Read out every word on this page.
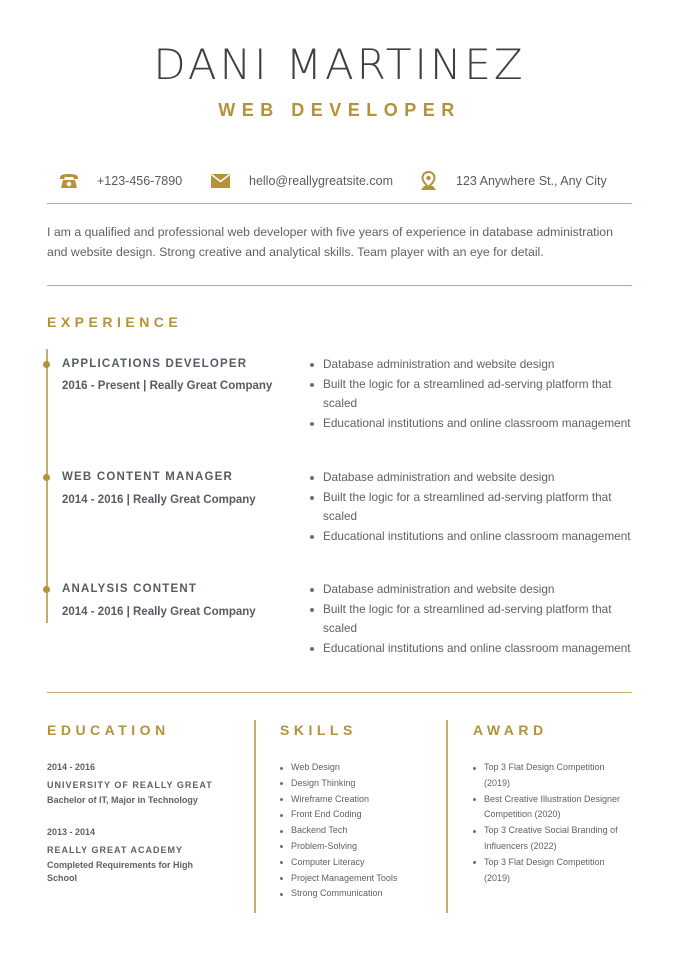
DANI MARTINEZ
WEB DEVELOPER
+123-456-7890	hello@reallygreatsite.com	123 Anywhere St., Any City
I am a qualified and professional web developer with five years of experience in database administration and website design. Strong creative and analytical skills. Team player with an eye for detail.
EXPERIENCE
APPLICATIONS DEVELOPER
2016 - Present | Really Great Company
Database administration and website design
Built the logic for a streamlined ad-serving platform that scaled
Educational institutions and online classroom management
WEB CONTENT MANAGER
2014 - 2016 | Really Great Company
Database administration and website design
Built the logic for a streamlined ad-serving platform that scaled
Educational institutions and online classroom management
ANALYSIS CONTENT
2014 - 2016 | Really Great Company
Database administration and website design
Built the logic for a streamlined ad-serving platform that scaled
Educational institutions and online classroom management
EDUCATION
2014 - 2016
UNIVERSITY OF REALLY GREAT
Bachelor of IT, Major in Technology
2013 - 2014
REALLY GREAT ACADEMY
Completed Requirements for High School
SKILLS
Web Design
Design Thinking
Wireframe Creation
Front End Coding
Backend Tech
Problem-Solving
Computer Literacy
Project Management Tools
Strong Communication
AWARD
Top 3 Flat Design Competition (2019)
Best Creative Illustration Designer Competition (2020)
Top 3 Creative Social Branding of Influencers (2022)
Top 3 Flat Design Competition (2019)
